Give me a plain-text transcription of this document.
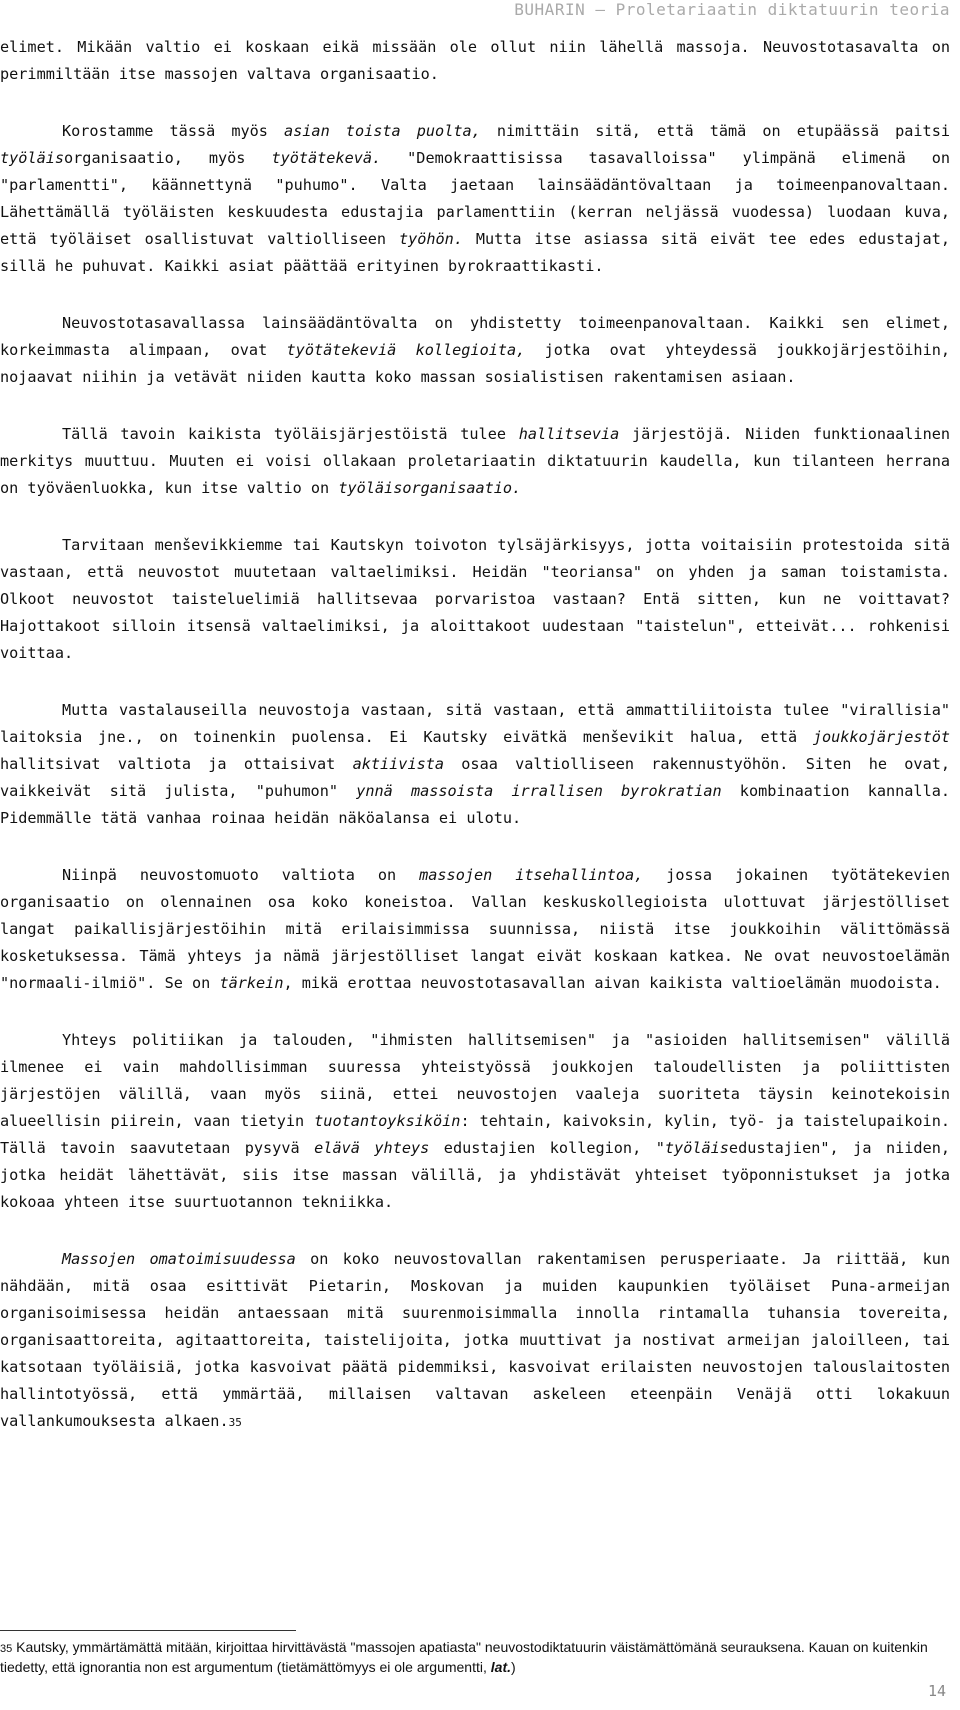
BUHARIN – Proletariaatin diktatuurin teoria

elimet. Mikään valtio ei koskaan eikä missään ole ollut niin lähellä massoja. Neuvostotasavalta on perimmiltään itse massojen valtava organisaatio.

Korostamme tässä myös asian toista puolta, nimittäin sitä, että tämä on etupäässä paitsi työläisorganisaatio, myös työtätekevä. "Demokraattisissa tasavalloissa" ylimpänä elimenä on "parlamentti", käännettynä "puhumo". Valta jaetaan lainsäädäntövaltaan ja toimeenpanovaltaan. Lähettämällä työläisten keskuudesta edustajia parlamenttiin (kerran neljässä vuodessa) luodaan kuva, että työläiset osallistuvat valtiolliseen työhön. Mutta itse asiassa sitä eivät tee edes edustajat, sillä he puhuvat. Kaikki asiat päättää erityinen byrokraattikasti.

Neuvostotasavallassa lainsäädäntövalta on yhdistetty toimeenpanovaltaan. Kaikki sen elimet, korkeimmasta alimpaan, ovat työtätekeviä kollegioita, jotka ovat yhteydessä joukkojärjestöihin, nojaavat niihin ja vetävät niiden kautta koko massan sosialistisen rakentamisen asiaan.

Tällä tavoin kaikista työläisjärjestöistä tulee hallitsevia järjestöjä. Niiden funktionaalinen merkitys muuttuu. Muuten ei voisi ollakaan proletariaatin diktatuurin kaudella, kun tilanteen herrana on työväenluokka, kun itse valtio on työläisorganisaatio.

Tarvitaan menševikkiemme tai Kautskyn toivoton tylsäjärkisyys, jotta voitaisiin protestoida sitä vastaan, että neuvostot muutetaan valtaelimiksi. Heidän "teoriansa" on yhden ja saman toistamista. Olkoot neuvostot taisteluelimiä hallitsevaa porvaristoa vastaan? Entä sitten, kun ne voittavat? Hajottakoot silloin itsensä valtaelimiksi, ja aloittakoot uudestaan "taistelun", etteivät... rohkenisi voittaa.

Mutta vastalauseilla neuvostoja vastaan, sitä vastaan, että ammattiliitoista tulee "virallisia" laitoksia jne., on toinenkin puolensa. Ei Kautsky eivätkä menševikit halua, että joukkojärjestöt hallitsivat valtiota ja ottaisivat aktiivista osaa valtiolliseen rakennustyöhön. Siten he ovat, vaikkeivät sitä julista, "puhumon" ynnä massoista irrallisen byrokratian kombinaation kannalla. Pidemmälle tätä vanhaa roinaa heidän näköalansa ei ulotu.

Niinpä neuvostomuoto valtiota on massojen itsehallintoa, jossa jokainen työtätekevien organisaatio on olennainen osa koko koneistoa. Vallan keskuskollegioista ulottuvat järjestölliset langat paikallisjärjestöihin mitä erilaisimmissa suunnissa, niistä itse joukkoihin välittömässä kosketuksessa. Tämä yhteys ja nämä järjestölliset langat eivät koskaan katkea. Ne ovat neuvostoelämän "normaali-ilmiö". Se on tärkein, mikä erottaa neuvostotasavallan aivan kaikista valtioelämän muodoista.

Yhteys politiikan ja talouden, "ihmisten hallitsemisen" ja "asioiden hallitsemisen" välillä ilmenee ei vain mahdollisimman suuressa yhteistyössä joukkojen taloudellisten ja poliittisten järjestöjen välillä, vaan myös siinä, ettei neuvostojen vaaleja suoriteta täysin keinotekoisin alueellisin piirein, vaan tietyin tuotantoyksiköin: tehtain, kaivoksin, kylin, työ- ja taistelupaikoin. Tällä tavoin saavutetaan pysyvä elävä yhteys edustajien kollegion, "työläisedustajien", ja niiden, jotka heidät lähettävät, siis itse massan välillä, ja yhdistävät yhteiset työponnistukset ja jotka kokoaa yhteen itse suurtuotannon tekniikka.

Massojen omatoimisuudessa on koko neuvostovallan rakentamisen perusperiaate. Ja riittää, kun nähdään, mitä osaa esittivät Pietarin, Moskovan ja muiden kaupunkien työläiset Puna-armeijan organisoimisessa heidän antaessaan mitä suurenmoisimmalla innolla rintamalla tuhansia tovereita, organisaattoreita, agitaattoreita, taistelijoita, jotka muuttivat ja nostivat armeijan jaloilleen, tai katsotaan työläisiä, jotka kasvoivat päätä pidemmiksi, kasvoivat erilaisten neuvostojen talouslaitosten hallintotyössä, että ymmärtää, millaisen valtavan askeleen eteenpäin Venäjä otti lokakuun vallankumouksesta alkaen.35

35 Kautsky, ymmärtämättä mitään, kirjoittaa hirvittävästä "massojen apatiasta" neuvostodiktatuurin väistämättömänä seurauksena. Kauan on kuitenkin tiedetty, että ignorantia non est argumentum (tietämättömyys ei ole argumentti, lat.)
14
